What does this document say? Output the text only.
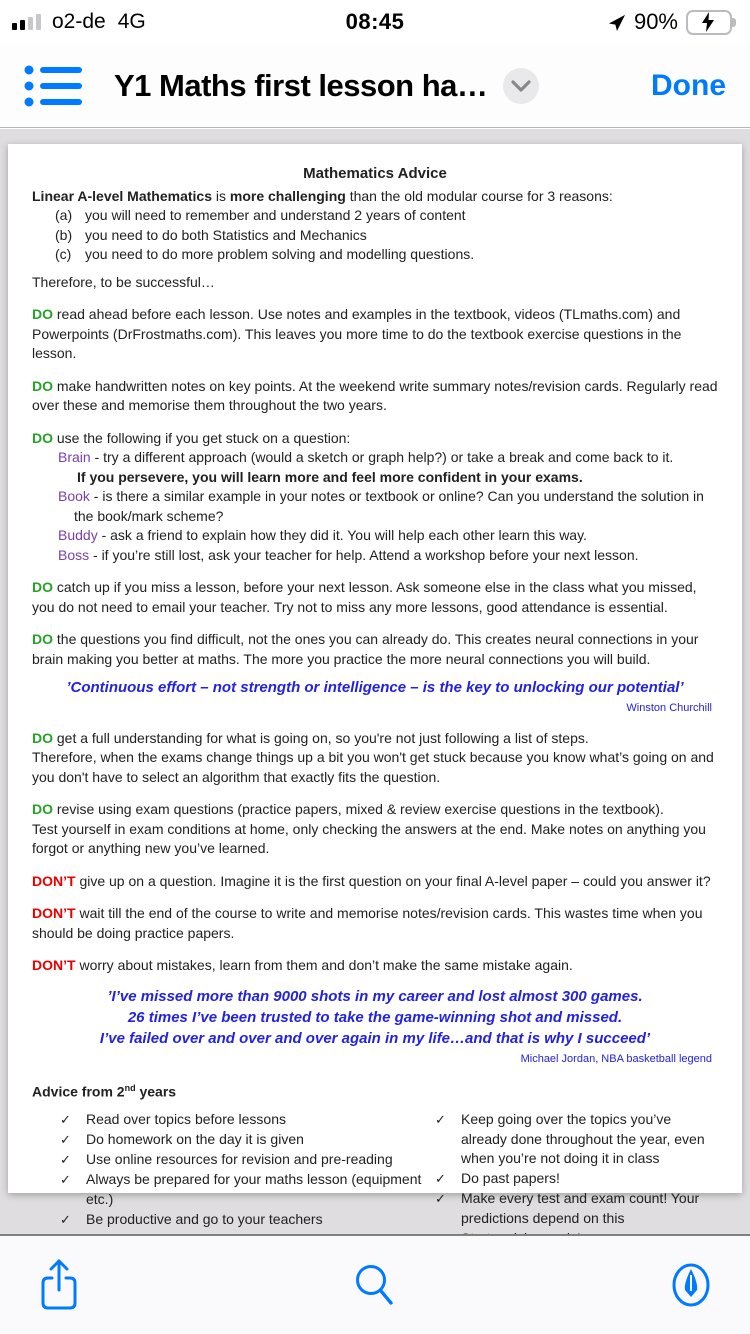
o2-de 4G	08:45	90%
Y1 Maths first lesson ha…	Done

Mathematics Advice

Linear A-level Mathematics is more challenging than the old modular course for 3 reasons:
(a) you will need to remember and understand 2 years of content
(b) you need to do both Statistics and Mechanics
(c) you need to do more problem solving and modelling questions.
Therefore, to be successful…

DO read ahead before each lesson. Use notes and examples in the textbook, videos (TLmaths.com) and Powerpoints (DrFrostmaths.com). This leaves you more time to do the textbook exercise questions in the lesson.

DO make handwritten notes on key points. At the weekend write summary notes/revision cards. Regularly read over these and memorise them throughout the two years.

DO use the following if you get stuck on a question:
Brain - try a different approach (would a sketch or graph help?) or take a break and come back to it.
If you persevere, you will learn more and feel more confident in your exams.
Book - is there a similar example in your notes or textbook or online? Can you understand the solution in the book/mark scheme?
Buddy - ask a friend to explain how they did it. You will help each other learn this way.
Boss - if you’re still lost, ask your teacher for help. Attend a workshop before your next lesson.

DO catch up if you miss a lesson, before your next lesson. Ask someone else in the class what you missed, you do not need to email your teacher. Try not to miss any more lessons, good attendance is essential.

DO the questions you find difficult, not the ones you can already do. This creates neural connections in your brain making you better at maths. The more you practice the more neural connections you will build.

’Continuous effort – not strength or intelligence – is the key to unlocking our potential’
Winston Churchill
DO get a full understanding for what is going on, so you're not just following a list of steps.
Therefore, when the exams change things up a bit you won't get stuck because you know what’s going on and you don't have to select an algorithm that exactly fits the question.
DO revise using exam questions (practice papers, mixed & review exercise questions in the textbook).
Test yourself in exam conditions at home, only checking the answers at the end. Make notes on anything you forgot or anything new you’ve learned.

DON’T give up on a question. Imagine it is the first question on your final A-level paper – could you answer it?

DON’T wait till the end of the course to write and memorise notes/revision cards. This wastes time when you should be doing practice papers.

DON’T worry about mistakes, learn from them and don’t make the same mistake again.

’I’ve missed more than 9000 shots in my career and lost almost 300 games.
26 times I’ve been trusted to take the game-winning shot and missed.
I’ve failed over and over and over again in my life…and that is why I succeed’
Michael Jordan, NBA basketball legend
Advice from 2nd years
✓	Read over topics before lessons
✓	Do homework on the day it is given
✓	Use online resources for revision and pre-reading
✓	Always be prepared for your maths lesson (equipment etc.)
✓	Be productive and go to your teachers
✓	Keep going over the topics you’ve already done throughout the year, even when you’re not doing it in class
✓	Do past papers!
✓	Make every test and exam count! Your predictions depend on this
